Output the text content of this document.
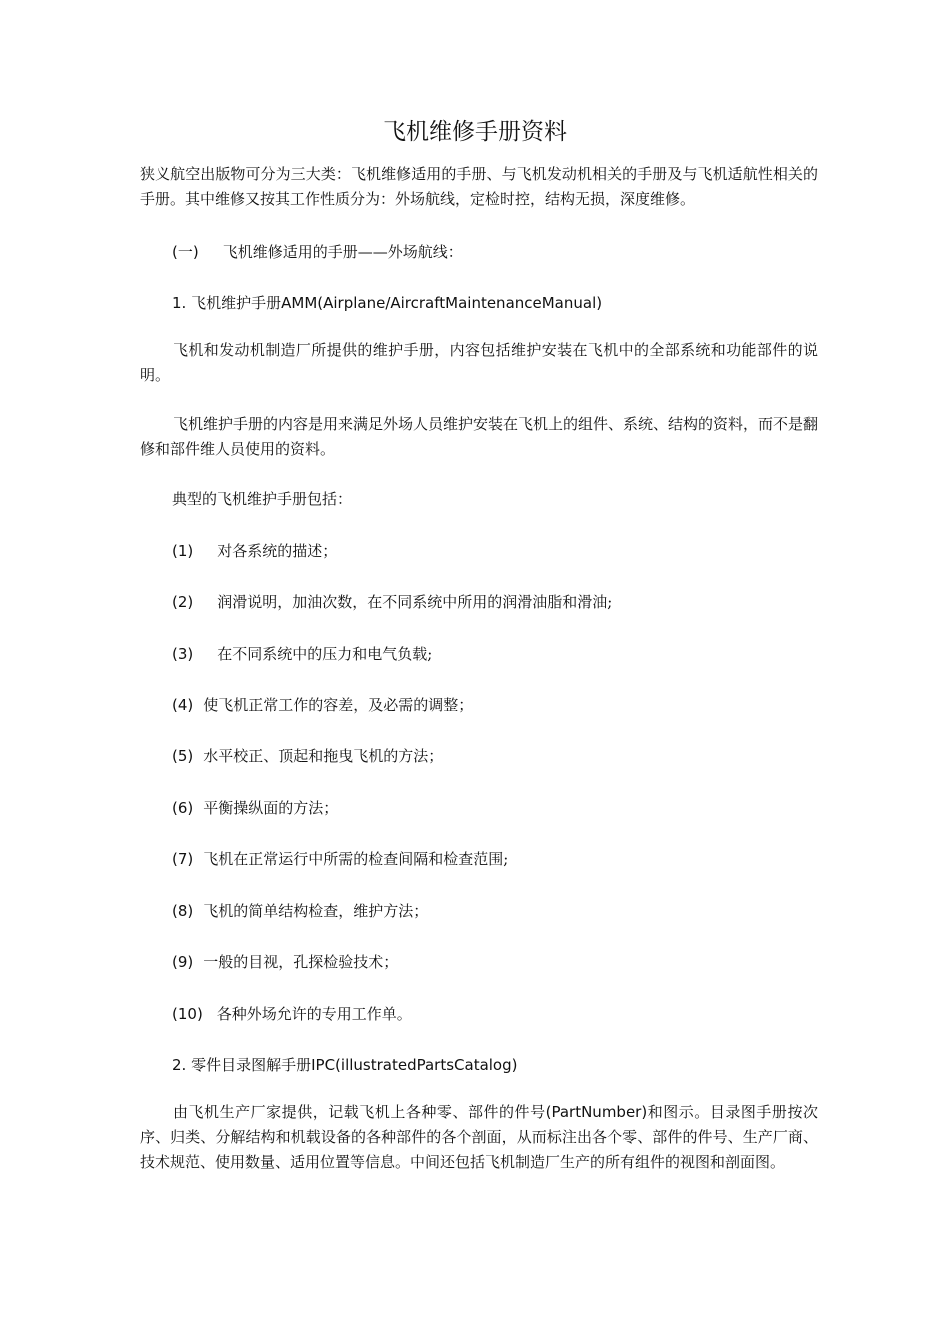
飞机维修手册资料
狭义航空出版物可分为三大类：飞机维修适用的手册、与飞机发动机相关的手册及与飞机适航性相关的手册。其中维修又按其工作性质分为：外场航线，定检时控，结构无损，深度维修。
(一) 飞机维修适用的手册——外场航线：
1. 飞机维护手册AMM(Airplane/AircraftMaintenanceManual)
飞机和发动机制造厂所提供的维护手册，内容包括维护安装在飞机中的全部系统和功能部件的说明。
飞机维护手册的内容是用来满足外场人员维护安装在飞机上的组件、系统、结构的资料，而不是翻修和部件维人员使用的资料。
典型的飞机维护手册包括：
(1) 对各系统的描述；
(2) 润滑说明，加油次数，在不同系统中所用的润滑油脂和滑油;
(3) 在不同系统中的压力和电气负载;
(4) 使飞机正常工作的容差，及必需的调整；
(5) 水平校正、顶起和拖曳飞机的方法；
(6) 平衡操纵面的方法；
(7) 飞机在正常运行中所需的检查间隔和检查范围;
(8) 飞机的简单结构检查，维护方法；
(9) 一般的目视，孔探检验技术；
(10) 各种外场允许的专用工作单。
2. 零件目录图解手册IPC(illustratedPartsCatalog)
由飞机生产厂家提供，记载飞机上各种零、部件的件号(PartNumber)和图示。目录图手册按次序、归类、分解结构和机载设备的各种部件的各个剖面，从而标注出各个零、部件的件号、生产厂商、技术规范、使用数量、适用位置等信息。中间还包括飞机制造厂生产的所有组件的视图和剖面图。
